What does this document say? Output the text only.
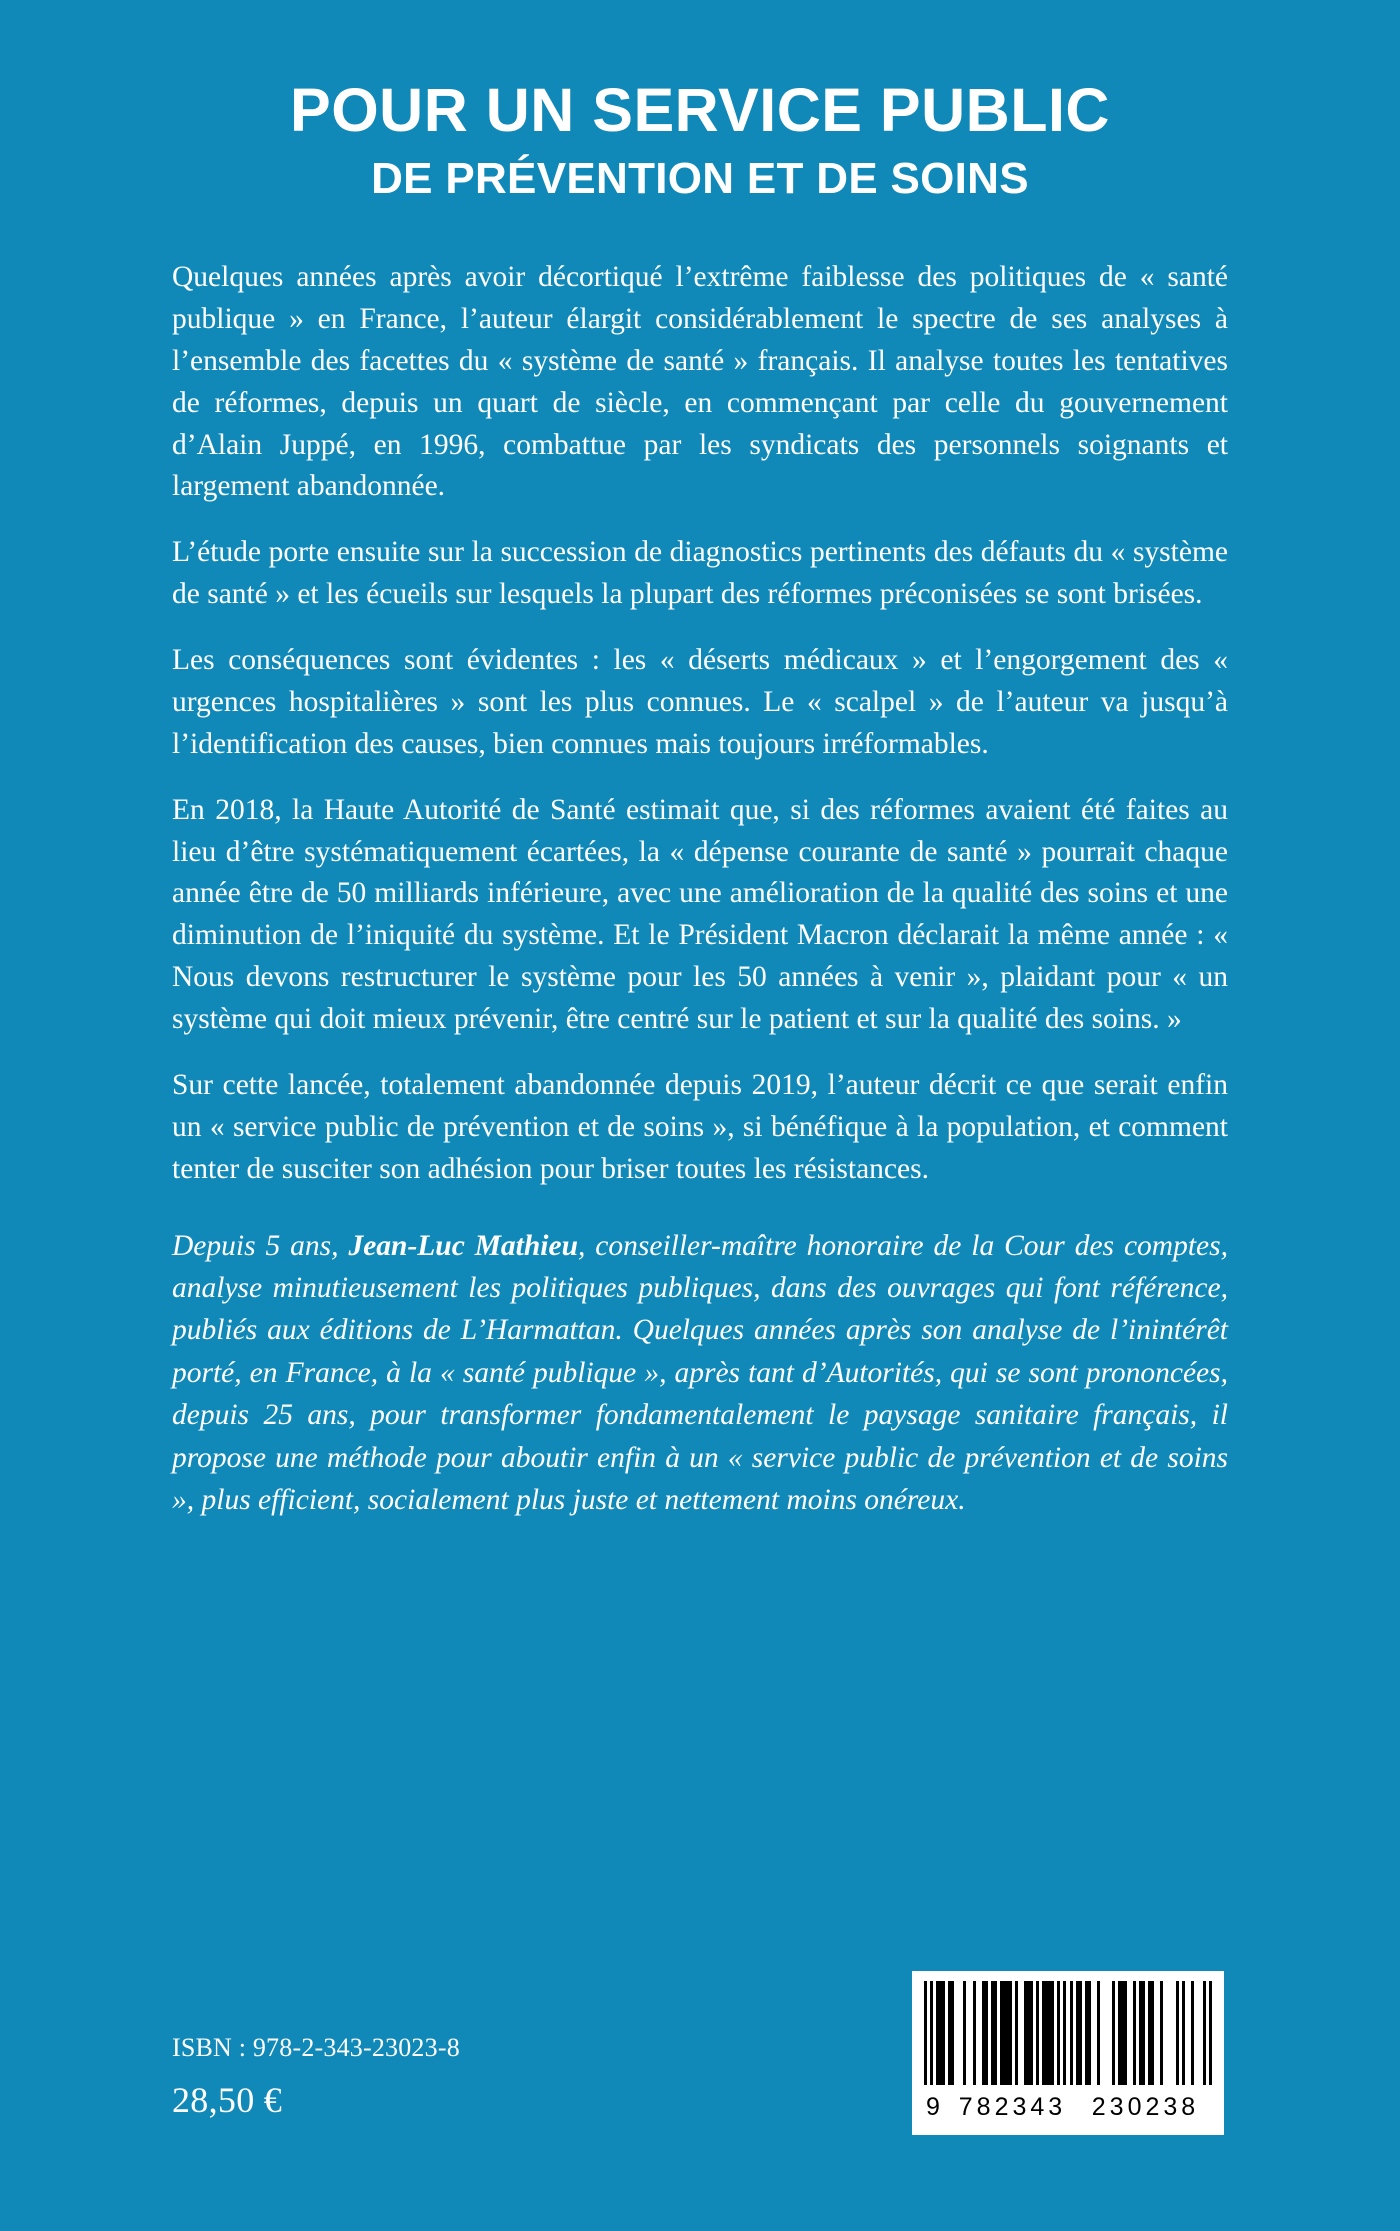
POUR UN SERVICE PUBLIC
DE PRÉVENTION ET DE SOINS

Quelques années après avoir décortiqué l’extrême faiblesse des politiques de « santé publique » en France, l’auteur élargit considérablement le spectre de ses analyses à l’ensemble des facettes du « système de santé » français. Il analyse toutes les tentatives de réformes, depuis un quart de siècle, en commençant par celle du gouvernement d’Alain Juppé, en 1996, combattue par les syndicats des personnels soignants et largement abandonnée.

L’étude porte ensuite sur la succession de diagnostics pertinents des défauts du « système de santé » et les écueils sur lesquels la plupart des réformes préconisées se sont brisées.

Les conséquences sont évidentes : les « déserts médicaux » et l’engorgement des « urgences hospitalières » sont les plus connues. Le « scalpel » de l’auteur va jusqu’à l’identification des causes, bien connues mais toujours irréformables.

En 2018, la Haute Autorité de Santé estimait que, si des réformes avaient été faites au lieu d’être systématiquement écartées, la « dépense courante de santé » pourrait chaque année être de 50 milliards inférieure, avec une amélioration de la qualité des soins et une diminution de l’iniquité du système. Et le Président Macron déclarait la même année : « Nous devons restructurer le système pour les 50 années à venir », plaidant pour « un système qui doit mieux prévenir, être centré sur le patient et sur la qualité des soins. »

Sur cette lancée, totalement abandonnée depuis 2019, l’auteur décrit ce que serait enfin un « service public de prévention et de soins », si bénéfique à la population, et comment tenter de susciter son adhésion pour briser toutes les résistances.

Depuis 5 ans, Jean-Luc Mathieu, conseiller-maître honoraire de la Cour des comptes, analyse minutieusement les politiques publiques, dans des ouvrages qui font référence, publiés aux éditions de L’Harmattan. Quelques années après son analyse de l’inintérêt porté, en France, à la « santé publique », après tant d’Autorités, qui se sont prononcées, depuis 25 ans, pour transformer fondamentalement le paysage sanitaire français, il propose une méthode pour aboutir enfin à un « service public de prévention et de soins », plus efficient, socialement plus juste et nettement moins onéreux.

ISBN : 978-2-343-23023-8
28,50 €	9 782343	230238
